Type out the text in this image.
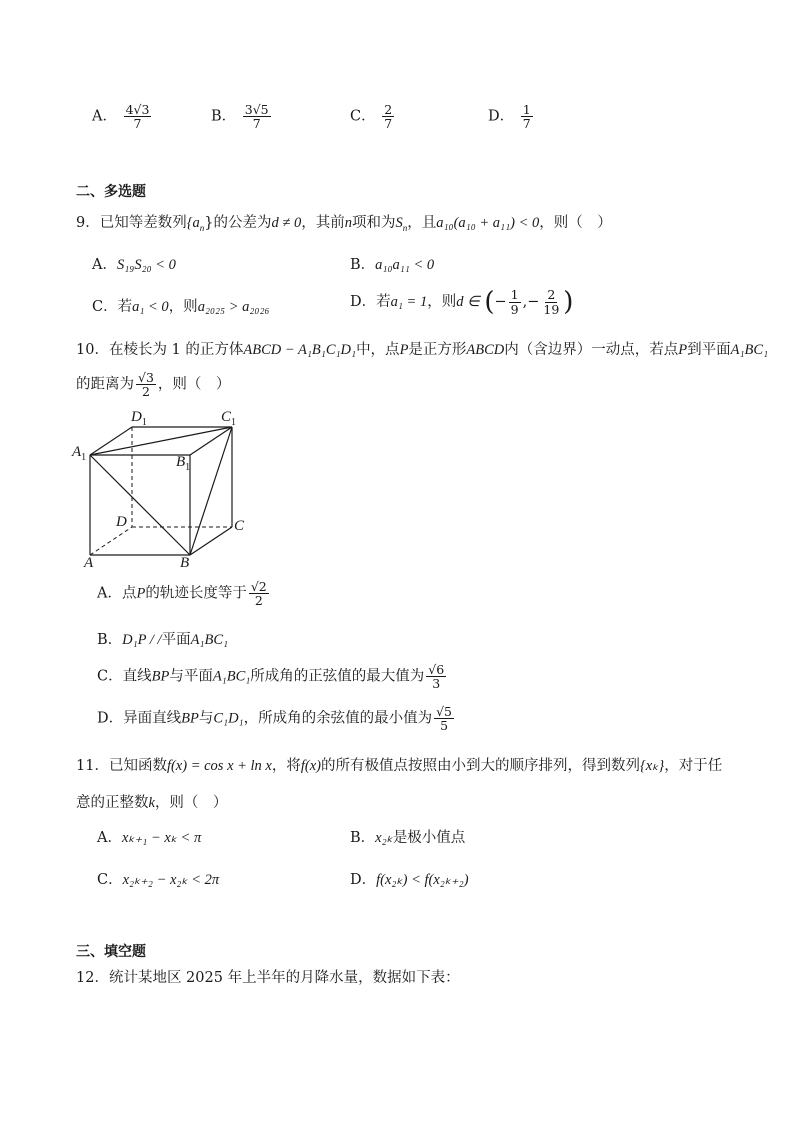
A． $\frac{4√3}{7}$	B． $\frac{3√5}{7}$	C． $\frac{2}{7}$	D． $\frac{1}{7}$
二、多选题
9．已知等差数列$\{a_n\}$的公差为d ≠ 0，其前n项和为$S_n$，且a₁₀(a₁₀ + a₁₁) < 0，则（　）
A．S₁₉S₂₀ < 0	B．a₁₀a₁₁ < 0
C．若a₁ < 0，则a₂₀₂₅ > a₂₀₂₆	D．若a₁ = 1，则d ∈ (− $\frac{1}{9}$ ,− $\frac{2}{19}$ )
10．在棱长为 1 的正方体ABCD − A₁B₁C₁D₁中，点P是正方形ABCD内（含边界）一动点，若点P到平面A₁BC₁
的距离为 $\frac{√3}{2}$ ，则（　）
$D_1$	$C_1$
$A_1$	$B_1$
D	C
A	B
A．点P的轨迹长度等于 $\frac{√2}{2}$
B．D₁P / /平面A₁BC₁
C．直线BP与平面A₁BC₁所成角的正弦值的最大值为 $\frac{√6}{3}$
D．异面直线BP与C₁D₁，所成角的余弦值的最小值为 $\frac{√5}{5}$
11．已知函数f(x) = cos x + ln x，将f(x)的所有极值点按照由小到大的顺序排列，得到数列{xₖ}，对于任
意的正整数k，则（　）
A．xₖ₊₁ − xₖ < π	B．x₂ₖ是极小值点
C．x₂ₖ₊₂ − x₂ₖ < 2π	D．f(x₂ₖ) < f(x₂ₖ₊₂)
三、填空题
12．统计某地区 2025 年上半年的月降水量，数据如下表：
